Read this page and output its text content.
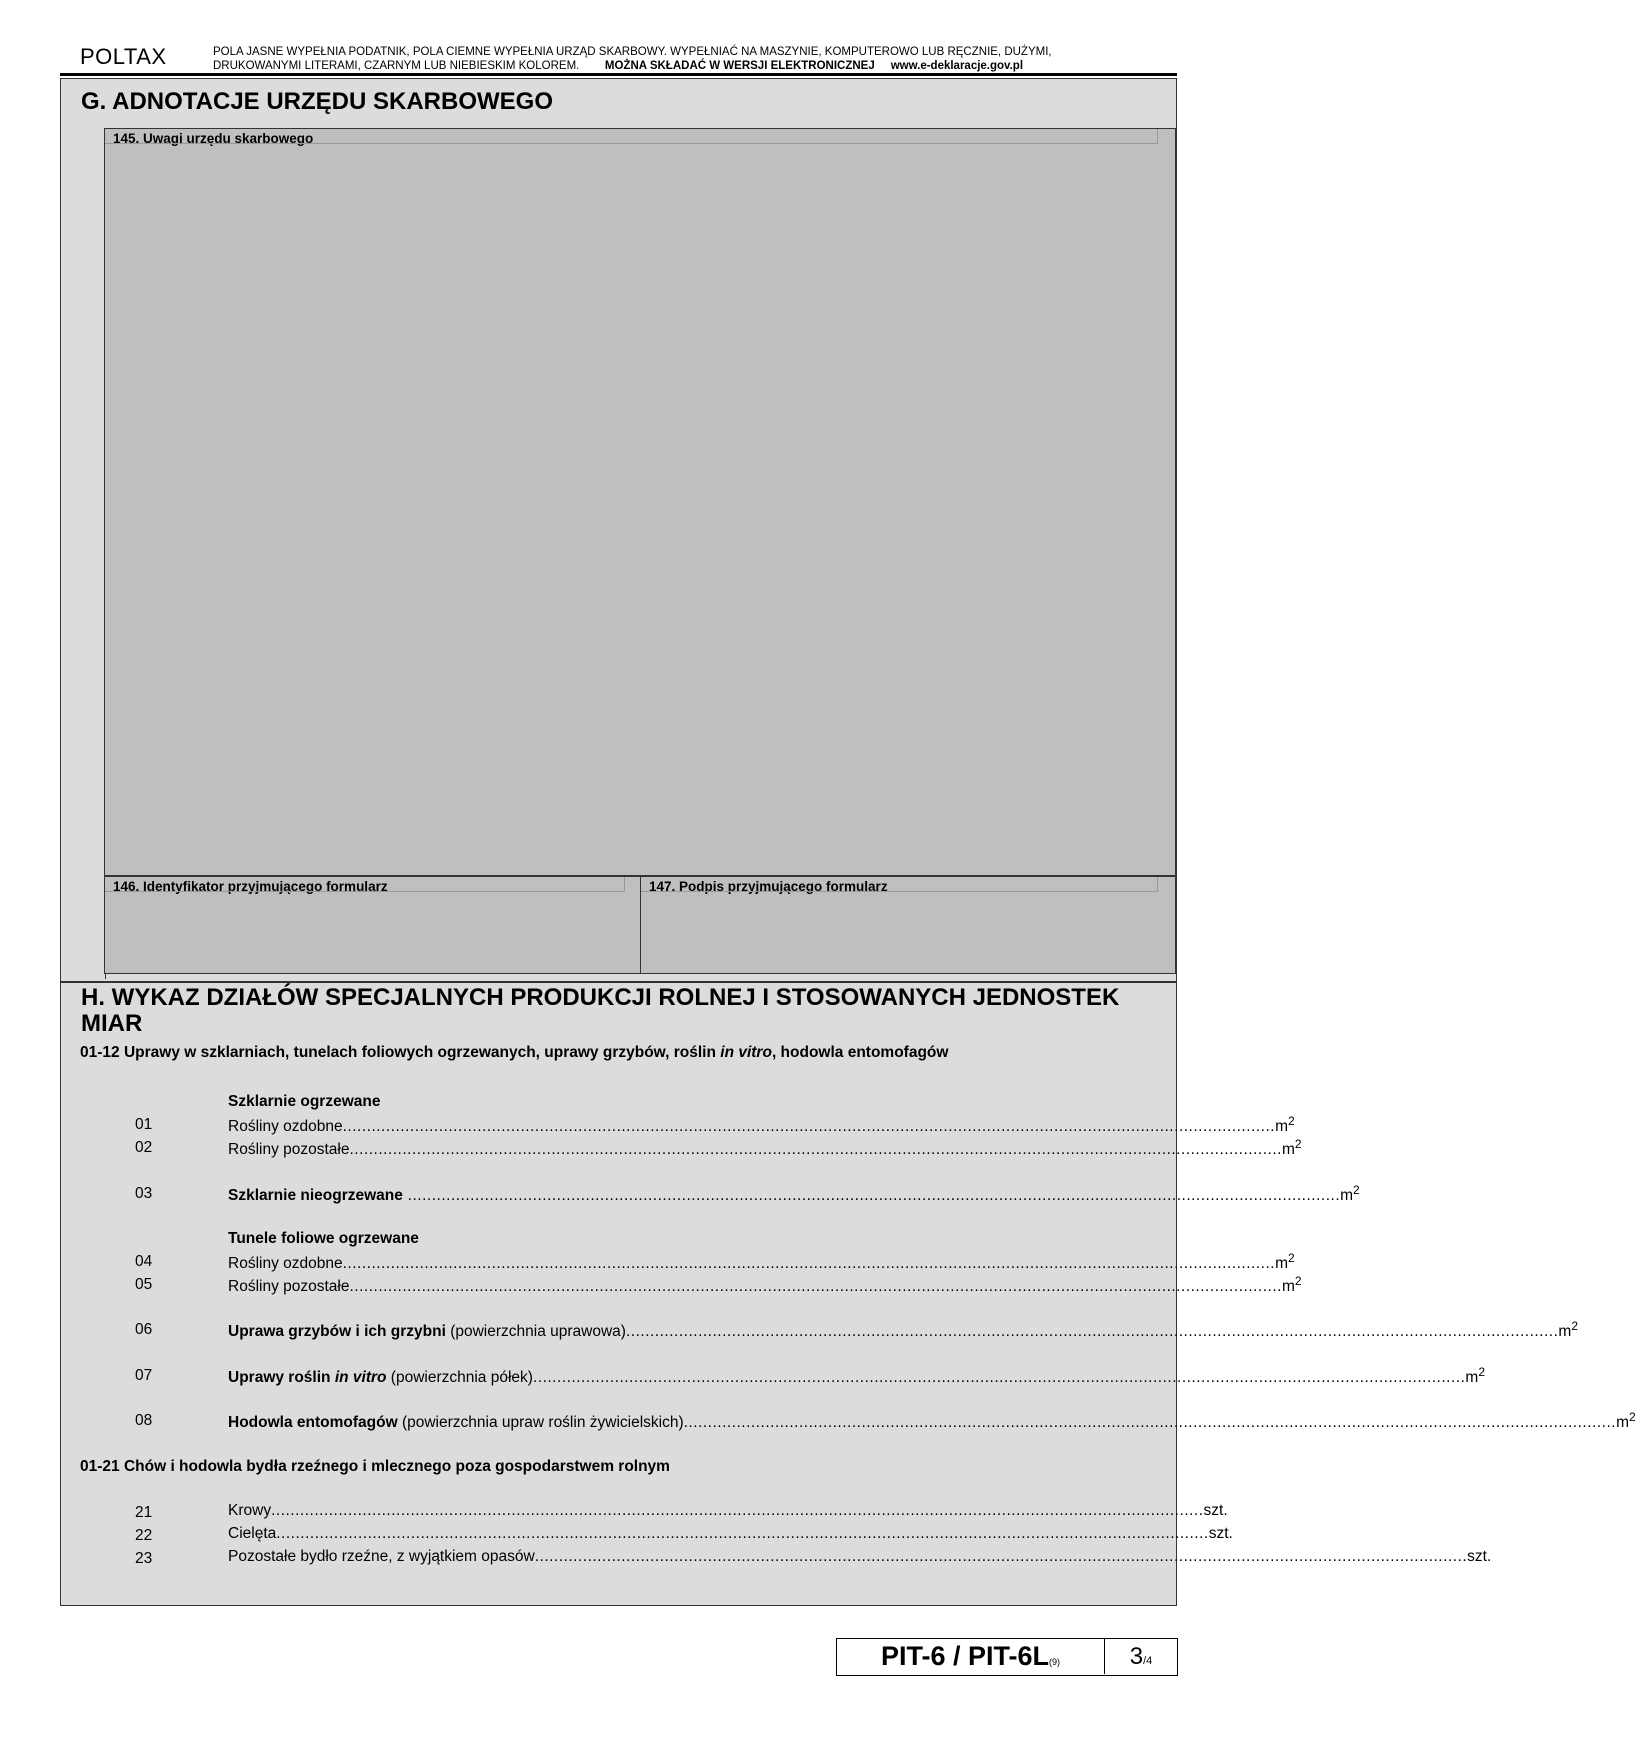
POLTAX	POLA JASNE WYPEŁNIA PODATNIK, POLA CIEMNE WYPEŁNIA URZĄD SKARBOWY. WYPEŁNIAĆ NA MASZYNIE, KOMPUTEROWO LUB RĘCZNIE, DUŻYMI,
DRUKOWANYMI LITERAMI, CZARNYM LUB NIEBIESKIM KOLOREM. MOŻNA SKŁADAĆ W WERSJI ELEKTRONICZNEJ www.e-deklaracje.gov.pl
G. ADNOTACJE URZĘDU SKARBOWEGO
145. Uwagi urzędu skarbowego
146. Identyfikator przyjmującego formularz	147. Podpis przyjmującego formularz
H. WYKAZ DZIAŁÓW SPECJALNYCH PRODUKCJI ROLNEJ I STOSOWANYCH JEDNOSTEK MIAR
01-12 Uprawy w szklarniach, tunelach foliowych ogrzewanych, uprawy grzybów, roślin in vitro, hodowla entomofagów
Szklarnie ogrzewane
01	Rośliny ozdobne .................................................................................................................................................................................................. $m^2$
02	Rośliny pozostałe .................................................................................................................................................................................................. $m^2$
03	Szklarnie nieogrzewane .................................................................................................................................................................................................. $m^2$
Tunele foliowe ogrzewane
04	Rośliny ozdobne .................................................................................................................................................................................................. $m^2$
05	Rośliny pozostałe .................................................................................................................................................................................................. $m^2$
06	Uprawa grzybów i ich grzybni (powierzchnia uprawowa) .................................................................................................................................................................................................. $m^2$
07	Uprawy roślin in vitro (powierzchnia półek) .................................................................................................................................................................................................. $m^2$
08	Hodowla entomofagów (powierzchnia upraw roślin żywicielskich) .................................................................................................................................................................................................. $m^2$
01-21 Chów i hodowla bydła rzeźnego i mlecznego poza gospodarstwem rolnym
21	Krowy .................................................................................................................................................................................................. szt.
22	Cielęta .................................................................................................................................................................................................. szt.
23	Pozostałe bydło rzeźne, z wyjątkiem opasów .................................................................................................................................................................................................. szt.
PIT-6 / PIT-6L(9)	3/4
